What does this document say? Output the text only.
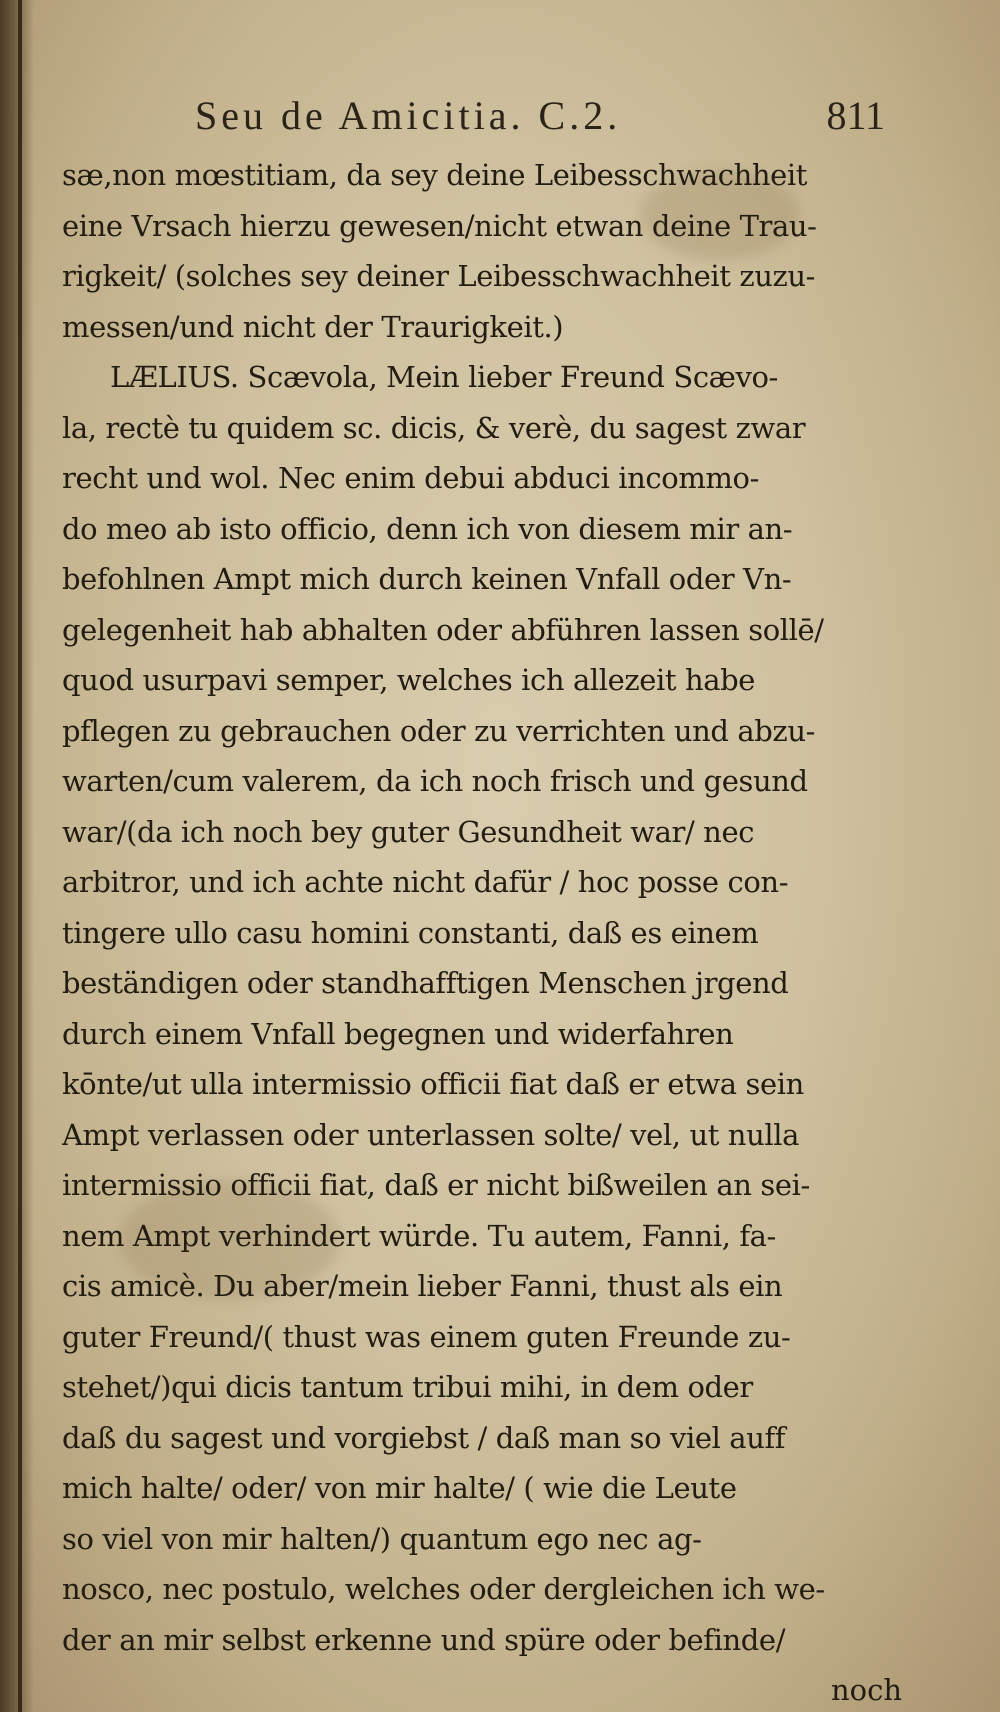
Seu de Amicitia. C.2.	811
sæ,non mœstitiam, da sey deine Leibesschwachheit
eine Vrsach hierzu gewesen/nicht etwan deine Trau-
rigkeit/ (solches sey deiner Leibesschwachheit zuzu-
messen/und nicht der Traurigkeit.)
LÆLIUS. Scævola, Mein lieber Freund Scævo-
la, rectè tu quidem sc. dicis, & verè, du sagest zwar
recht und wol. Nec enim debui abduci incommo-
do meo ab isto officio, denn ich von diesem mir an-
befohlnen Ampt mich durch keinen Vnfall oder Vn-
gelegenheit hab abhalten oder abführen lassen sollē/
quod usurpavi semper, welches ich allezeit habe
pflegen zu gebrauchen oder zu verrichten und abzu-
warten/cum valerem, da ich noch frisch und gesund
war/(da ich noch bey guter Gesundheit war/ nec
arbitror, und ich achte nicht dafür / hoc posse con-
tingere ullo casu homini constanti, daß es einem
beständigen oder standhafftigen Menschen jrgend
durch einem Vnfall begegnen und widerfahren
kōnte/ut ulla intermissio officii fiat daß er etwa sein
Ampt verlassen oder unterlassen solte/ vel, ut nulla
intermissio officii fiat, daß er nicht bißweilen an sei-
nem Ampt verhindert würde. Tu autem, Fanni, fa-
cis amicè. Du aber/mein lieber Fanni, thust als ein
guter Freund/( thust was einem guten Freunde zu-
stehet/)qui dicis tantum tribui mihi, in dem oder
daß du sagest und vorgiebst / daß man so viel auff
mich halte/ oder/ von mir halte/ ( wie die Leute
so viel von mir halten/) quantum ego nec ag-
nosco, nec postulo, welches oder dergleichen ich we-
der an mir selbst erkenne und spüre oder befinde/
noch
